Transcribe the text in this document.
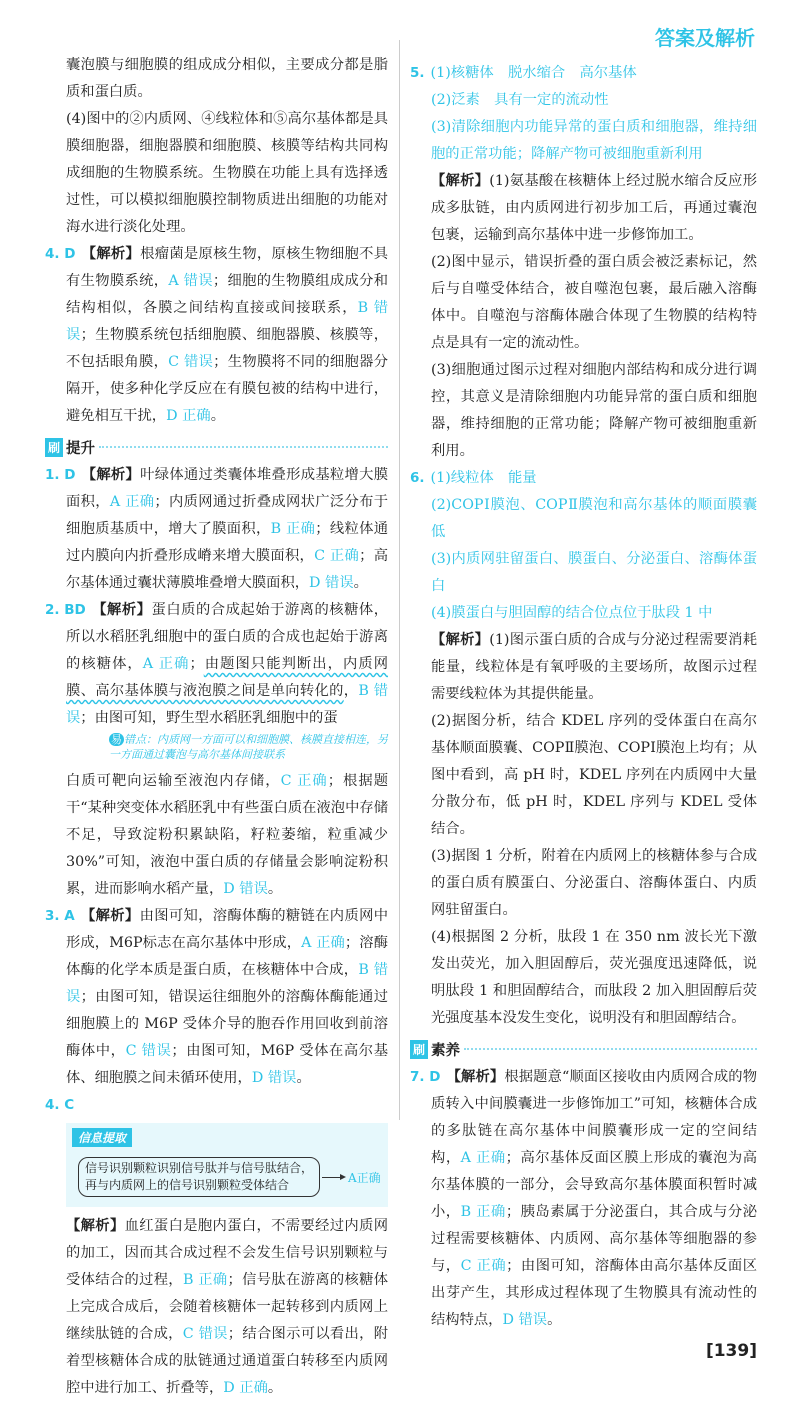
答案及解析
囊泡膜与细胞膜的组成成分相似，主要成分都是脂质和蛋白质。
(4)图中的②内质网、④线粒体和⑤高尔基体都是具膜细胞器，细胞器膜和细胞膜、核膜等结构共同构成细胞的生物膜系统。生物膜在功能上具有选择透过性，可以模拟细胞膜控制物质进出细胞的功能对海水进行淡化处理。
4. D 【解析】根瘤菌是原核生物，原核生物细胞不具有生物膜系统，A 错误；细胞的生物膜组成成分和结构相似，各膜之间结构直接或间接联系，B 错误；生物膜系统包括细胞膜、细胞器膜、核膜等，不包括眼角膜，C 错误；生物膜将不同的细胞器分隔开，使多种化学反应在有膜包被的结构中进行，避免相互干扰，D 正确。
刷 提升
1. D 【解析】叶绿体通过类囊体堆叠形成基粒增大膜面积，A 正确；内质网通过折叠成网状广泛分布于细胞质基质中，增大了膜面积，B 正确；线粒体通过内膜向内折叠形成嵴来增大膜面积，C 正确；高尔基体通过囊状薄膜堆叠增大膜面积，D 错误。
2. BD 【解析】蛋白质的合成起始于游离的核糖体，所以水稻胚乳细胞中的蛋白质的合成也起始于游离的核糖体，A 正确；由题图只能判断出，内质网膜、高尔基体膜与液泡膜之间是单向转化的，B 错误；由图可知，野生型水稻胚乳细胞中的蛋
易 错点：内质网一方面可以和细胞膜、核膜直接相连，另一方面通过囊泡与高尔基体间接联系
白质可靶向运输至液泡内存储，C 正确；根据题干“某种突变体水稻胚乳中有些蛋白质在液泡中存储不足，导致淀粉积累缺陷，籽粒萎缩，粒重减少 30%”可知，液泡中蛋白质的存储量会影响淀粉积累，进而影响水稻产量，D 错误。
3. A 【解析】由图可知，溶酶体酶的糖链在内质网中形成，M6P标志在高尔基体中形成，A 正确；溶酶体酶的化学本质是蛋白质，在核糖体中合成，B 错误；由图可知，错误运往细胞外的溶酶体酶能通过细胞膜上的 M6P 受体介导的胞吞作用回收到前溶酶体中，C 错误；由图可知，M6P 受体在高尔基体、细胞膜之间未循环使用，D 错误。
4. C
信息提取
信号识别颗粒识别信号肽并与信号肽结合，
再与内质网上的信号识别颗粒受体结合
A正确
【解析】血红蛋白是胞内蛋白，不需要经过内质网的加工，因而其合成过程不会发生信号识别颗粒与受体结合的过程，B 正确；信号肽在游离的核糖体上完成合成后，会随着核糖体一起转移到内质网上继续肽链的合成，C 错误；结合图示可以看出，附着型核糖体合成的肽链通过通道蛋白转移至内质网腔中进行加工、折叠等，D 正确。
5. (1)核糖体　脱水缩合　高尔基体
(2)泛素　具有一定的流动性
(3)清除细胞内功能异常的蛋白质和细胞器，维持细胞的正常功能；降解产物可被细胞重新利用
【解析】(1)氨基酸在核糖体上经过脱水缩合反应形成多肽链，由内质网进行初步加工后，再通过囊泡包裹，运输到高尔基体中进一步修饰加工。
(2)图中显示，错误折叠的蛋白质会被泛素标记，然后与自噬受体结合，被自噬泡包裹，最后融入溶酶体中。自噬泡与溶酶体融合体现了生物膜的结构特点是具有一定的流动性。
(3)细胞通过图示过程对细胞内部结构和成分进行调控，其意义是清除细胞内功能异常的蛋白质和细胞器，维持细胞的正常功能；降解产物可被细胞重新利用。
6. (1)线粒体　能量
(2)COPⅠ膜泡、COPⅡ膜泡和高尔基体的顺面膜囊　低
(3)内质网驻留蛋白、膜蛋白、分泌蛋白、溶酶体蛋白
(4)膜蛋白与胆固醇的结合位点位于肽段 1 中
【解析】(1)图示蛋白质的合成与分泌过程需要消耗能量，线粒体是有氧呼吸的主要场所，故图示过程需要线粒体为其提供能量。
(2)据图分析，结合 KDEL 序列的受体蛋白在高尔基体顺面膜囊、COPⅡ膜泡、COPⅠ膜泡上均有；从图中看到，高 pH 时，KDEL 序列在内质网中大量分散分布，低 pH 时，KDEL 序列与 KDEL 受体结合。
(3)据图 1 分析，附着在内质网上的核糖体参与合成的蛋白质有膜蛋白、分泌蛋白、溶酶体蛋白、内质网驻留蛋白。
(4)根据图 2 分析，肽段 1 在 350 nm 波长光下激发出荧光，加入胆固醇后，荧光强度迅速降低，说明肽段 1 和胆固醇结合，而肽段 2 加入胆固醇后荧光强度基本没发生变化，说明没有和胆固醇结合。
刷 素养
7. D 【解析】根据题意“顺面区接收由内质网合成的物质转入中间膜囊进一步修饰加工”可知，核糖体合成的多肽链在高尔基体中间膜囊形成一定的空间结构，A 正确；高尔基体反面区膜上形成的囊泡为高尔基体膜的一部分，会导致高尔基体膜面积暂时减小，B 正确；胰岛素属于分泌蛋白，其合成与分泌过程需要核糖体、内质网、高尔基体等细胞器的参与，C 正确；由图可知，溶酶体由高尔基体反面区出芽产生，其形成过程体现了生物膜具有流动性的结构特点，D 错误。
[139]
